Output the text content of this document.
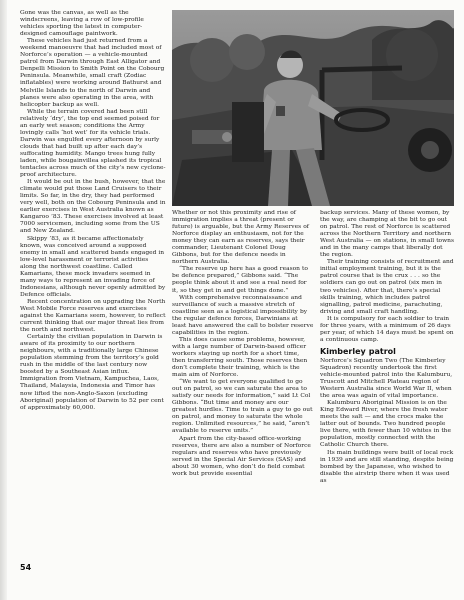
Gone was the canvas, as well as the windscreens, leaving a row of low-profile vehicles sporting the latest in computer-designed camouflage paintwork.

These vehicles had just returned from a weekend manoeuvre that had included most of Norforce’s operation — a vehicle-mounted patrol from Darwin through East Alligator and Denpelli Mission to Smith Point on the Cobourg Peninsula. Meanwhile, small craft (Zodiac inflatables) were working around Bathurst and Melville Islands to the north of Darwin and planes were also operating in the area, with helicopter backup as well.

While the terrain covered had been still relatively ‘dry’, the top end seemed poised for an early wet season; conditions the Army lovingly calls ‘hot wet’ for its vehicle trials. Darwin was engulfed every afternoon by surly clouds that had built up after each day’s suffocating humidity. Mango trees hung fully laden, while bougainvillea splashed its tropical tentacles across much of the city’s new cyclone-proof architecture.

It would be out in the bush, however, that the climate would put those Land Cruisers to their limits. So far, in the dry, they had performed very well, both on the Cobourg Peninsula and in earlier exercises in West Australia known as Kangaroo ’83. These exercises involved at least 7000 servicemen, including some from the US and New Zealand.

Skippy ’83, as it became affectionately known, was conceived around a supposed enemy in small and scattered bands engaged in low-level harassment or terrorist activities along the northwest coastline. Called Kamarians, these mock invaders seemed in many ways to represent an invading force of Indonesians, although never openly admitted by Defence officials.

Recent concentration on upgrading the North West Mobile Force reserves and exercises against the Kamarians seem, however, to reflect current thinking that our major threat lies from the north and northwest.

Certainly the civilian population in Darwin is aware of its proximity to our northern neighbours, with a traditionally large Chinese population stemming from the territory’s gold rush in the middle of the last century now boosted by a Southeast Asian influx. Immigration from Vietnam, Kampuchea, Laos, Thailand, Malaysia, Indonesia and Timor has now lifted the non-Anglo-Saxon (excluding Aboriginal) population of Darwin to 52 per cent of approximately 60,000.

Whether or not this proximity and rise of immigration implies a threat (present or future) is arguable, but the Army Reserves of Norforce display an enthusiasm, not for the money they can earn as reserves, says their commander, Lieutenant Colonel Doug Gibbons, but for the defence needs in northern Australia.

“The reserve up here has a good reason to be defence prepared,” Gibbons said. “The people think about it and see a real need for it, so they get in and get things done.”

With comprehensive reconnaissance and surveillance of such a massive stretch of coastline seen as a logistical impossibility by the regular defence forces, Darwinians at least have answered the call to bolster reserve capabilities in the region.

This does cause some problems, however, with a large number of Darwin-based officer workers staying up north for a short time, then transferring south. Those reserves then don’t complete their training, which is the main aim of Norforce.

“We want to get everyone qualified to go out on patrol, so we can saturate the area to satisfy our needs for information,” said Lt Col Gibbons. “But time and money are our greatest hurdles. Time to train a guy to go out on patrol, and money to saturate the whole region. Unlimited resources,” he said, “aren’t available to reserve units.”

Apart from the city-based office-working reserves, there are also a number of Norforce regulars and reserves who have previously served in the Special Air Services (SAS) and about 30 women, who don’t do field combat work but provide essential

backup services. Many of these women, by the way, are champing at the bit to go out on patrol. The rest of Norforce is scattered across the Northern Territory and northern West Australia — on stations, in small towns and in the many camps that liberally dot the region.

Their training consists of recruitment and initial employment training, but it is the patrol course that is the crux . . . so the soldiers can go out on patrol (six men in two vehicles). After that, there’s special skills training, which includes patrol signalling, patrol medicine, parachuting, driving and small craft handling.

It is compulsory for each soldier to train for three years, with a minimum of 26 days per year, of which 14 days must be spent on a continuous camp.

Kimberley patrol

Norforce’s Squadron Two (The Kimberley Squadron) recently undertook the first vehicle-mounted patrol into the Kalumburu, Truscott and Mitchell Plateau region of Western Australia since World War II, when the area was again of vital importance.

Kalumburu Aboriginal Mission is on the King Edward River, where the fresh water meets the salt — and the crocs make the latter out of bounds. Two hundred people live there, with fewer than 10 whites in the population, mostly connected with the Catholic Church there.

Its main buildings were built of local rock in 1939 and are still standing, despite being bombed by the Japanese, who wished to disable the airstrip there when it was used as

54
